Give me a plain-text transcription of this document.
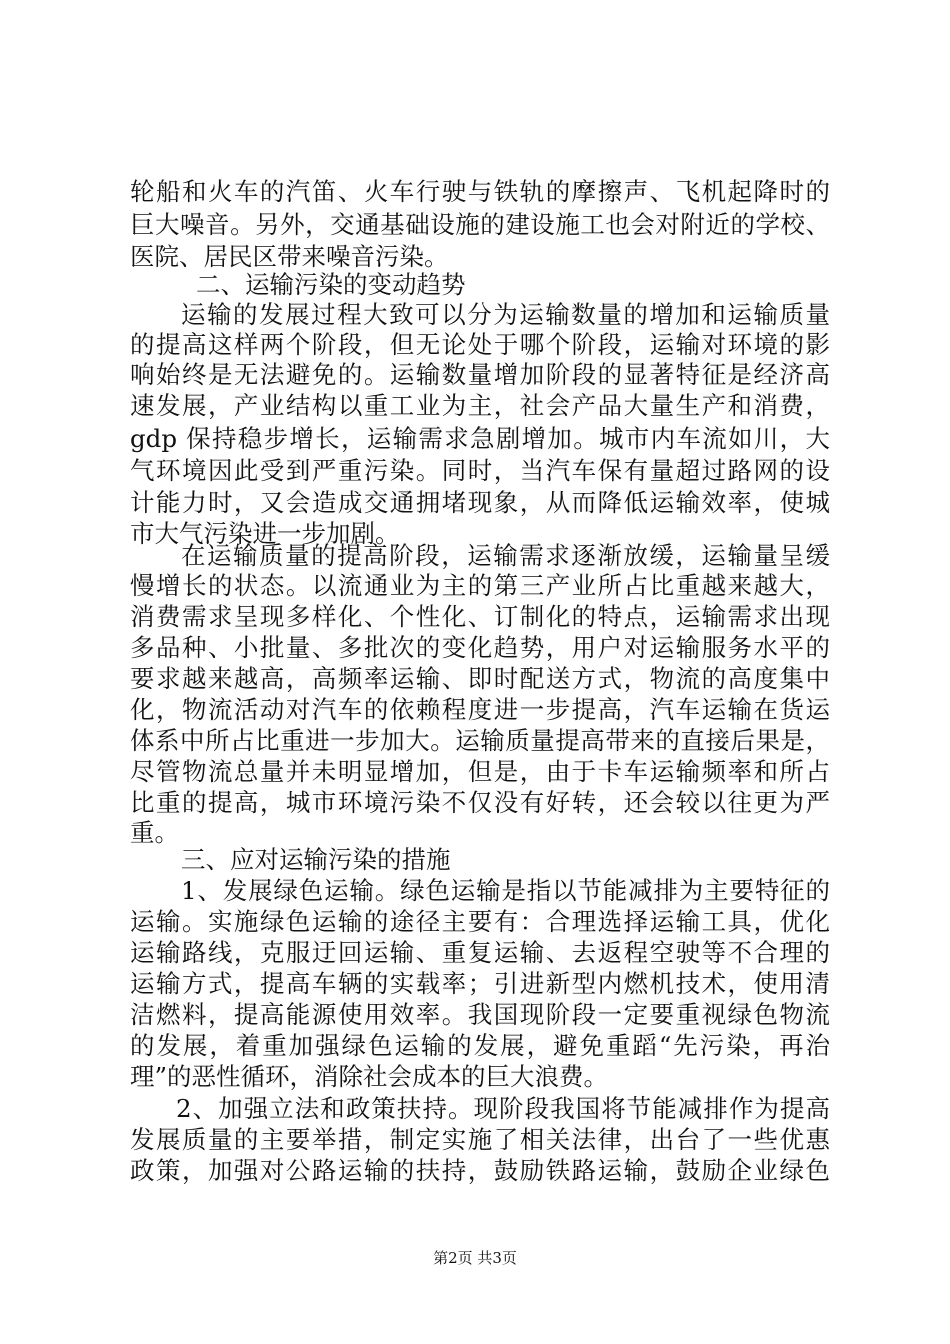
轮船和火车的汽笛、火车行驶与铁轨的摩擦声、飞机起降时的
巨大噪音。另外，交通基础设施的建设施工也会对附近的学校、
医院、居民区带来噪音污染。
二、运输污染的变动趋势
运输的发展过程大致可以分为运输数量的增加和运输质量
的提高这样两个阶段，但无论处于哪个阶段，运输对环境的影
响始终是无法避免的。运输数量增加阶段的显著特征是经济高
速发展，产业结构以重工业为主，社会产品大量生产和消费，
gdp 保持稳步增长，运输需求急剧增加。城市内车流如川，大
气环境因此受到严重污染。同时，当汽车保有量超过路网的设
计能力时，又会造成交通拥堵现象，从而降低运输效率，使城
市大气污染进一步加剧。
在运输质量的提高阶段，运输需求逐渐放缓，运输量呈缓
慢增长的状态。以流通业为主的第三产业所占比重越来越大，
消费需求呈现多样化、个性化、订制化的特点，运输需求出现
多品种、小批量、多批次的变化趋势，用户对运输服务水平的
要求越来越高，高频率运输、即时配送方式，物流的高度集中
化，物流活动对汽车的依赖程度进一步提高，汽车运输在货运
体系中所占比重进一步加大。运输质量提高带来的直接后果是，
尽管物流总量并未明显增加，但是，由于卡车运输频率和所占
比重的提高，城市环境污染不仅没有好转，还会较以往更为严
重。
三、应对运输污染的措施
1、发展绿色运输。绿色运输是指以节能减排为主要特征的
运输。实施绿色运输的途径主要有：合理选择运输工具，优化
运输路线，克服迂回运输、重复运输、去返程空驶等不合理的
运输方式，提高车辆的实载率；引进新型内燃机技术，使用清
洁燃料，提高能源使用效率。我国现阶段一定要重视绿色物流
的发展，着重加强绿色运输的发展，避免重蹈“先污染，再治
理”的恶性循环，消除社会成本的巨大浪费。
2、加强立法和政策扶持。现阶段我国将节能减排作为提高
发展质量的主要举措，制定实施了相关法律，出台了一些优惠
政策，加强对公路运输的扶持，鼓励铁路运输，鼓励企业绿色
第2页 共3页
